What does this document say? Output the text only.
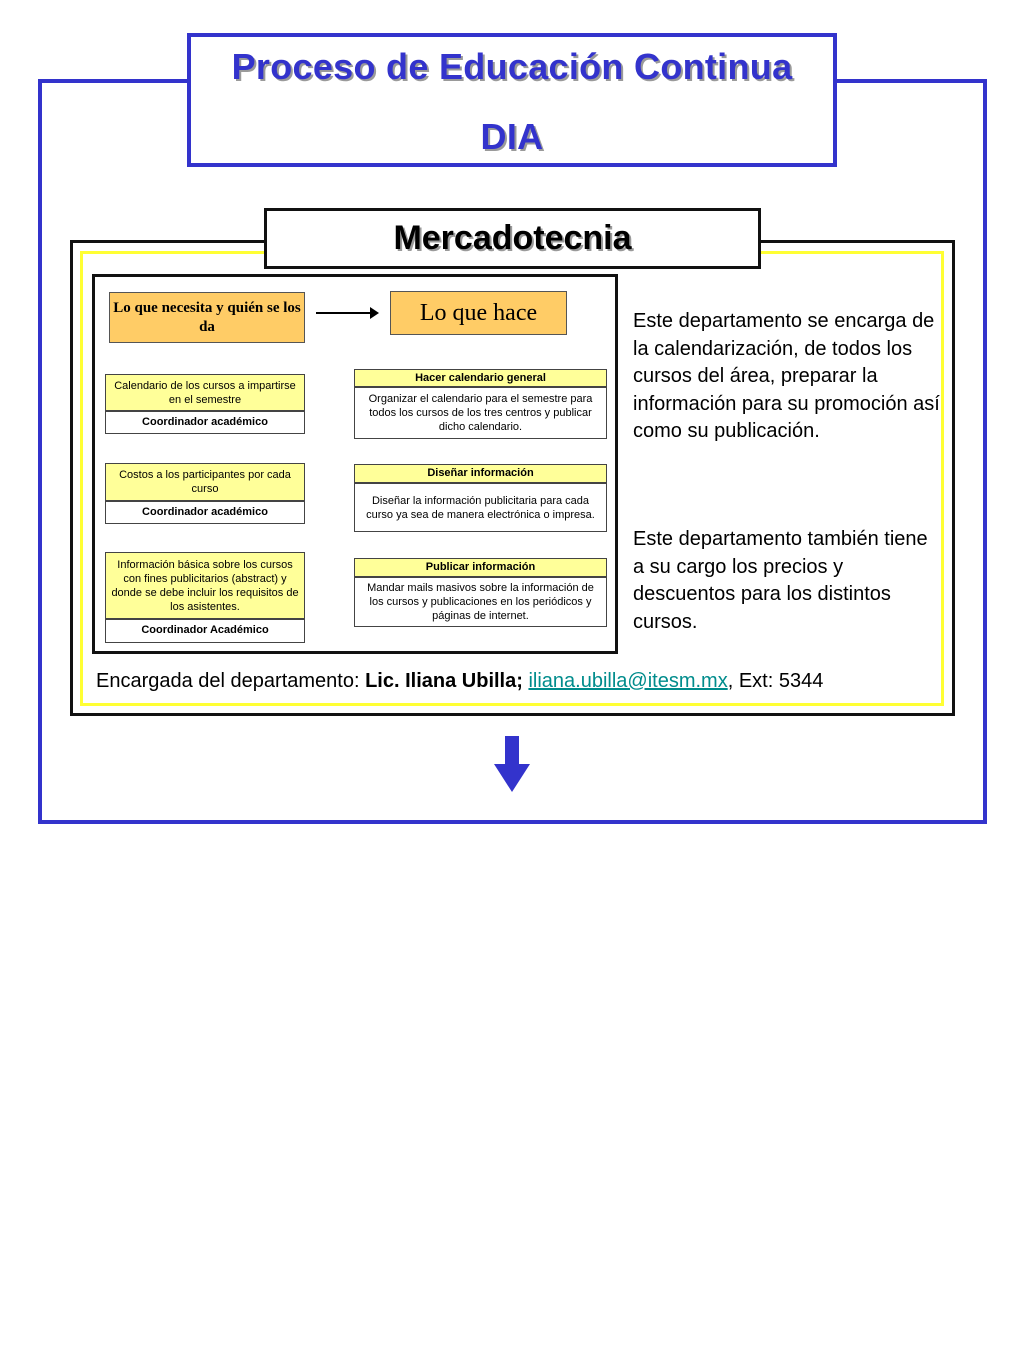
Proceso de Educación Continua
DIA
Mercadotecnia
Lo que necesita y quién se los da
Lo que hace
Calendario de los cursos a impartirse en el semestre
Coordinador académico
Costos a los participantes por cada curso
Coordinador académico
Información básica sobre los cursos con fines publicitarios (abstract) y donde se debe incluir los requisitos de los asistentes.
Coordinador Académico
Hacer calendario general
Organizar el calendario para el semestre para todos los cursos de los tres centros y publicar dicho calendario.
Diseñar información
Diseñar la información publicitaria para cada curso ya sea de manera electrónica o impresa.
Publicar información
Mandar mails masivos sobre la información de los cursos y publicaciones en los periódicos y páginas de internet.
Este departamento se encarga de la calendarización, de todos los cursos del área, preparar la información para su promoción así como su publicación.
Este departamento también tiene a su cargo los precios y descuentos para los distintos cursos.
Encargada del departamento: Lic. Iliana Ubilla; iliana.ubilla@itesm.mx, Ext: 5344
